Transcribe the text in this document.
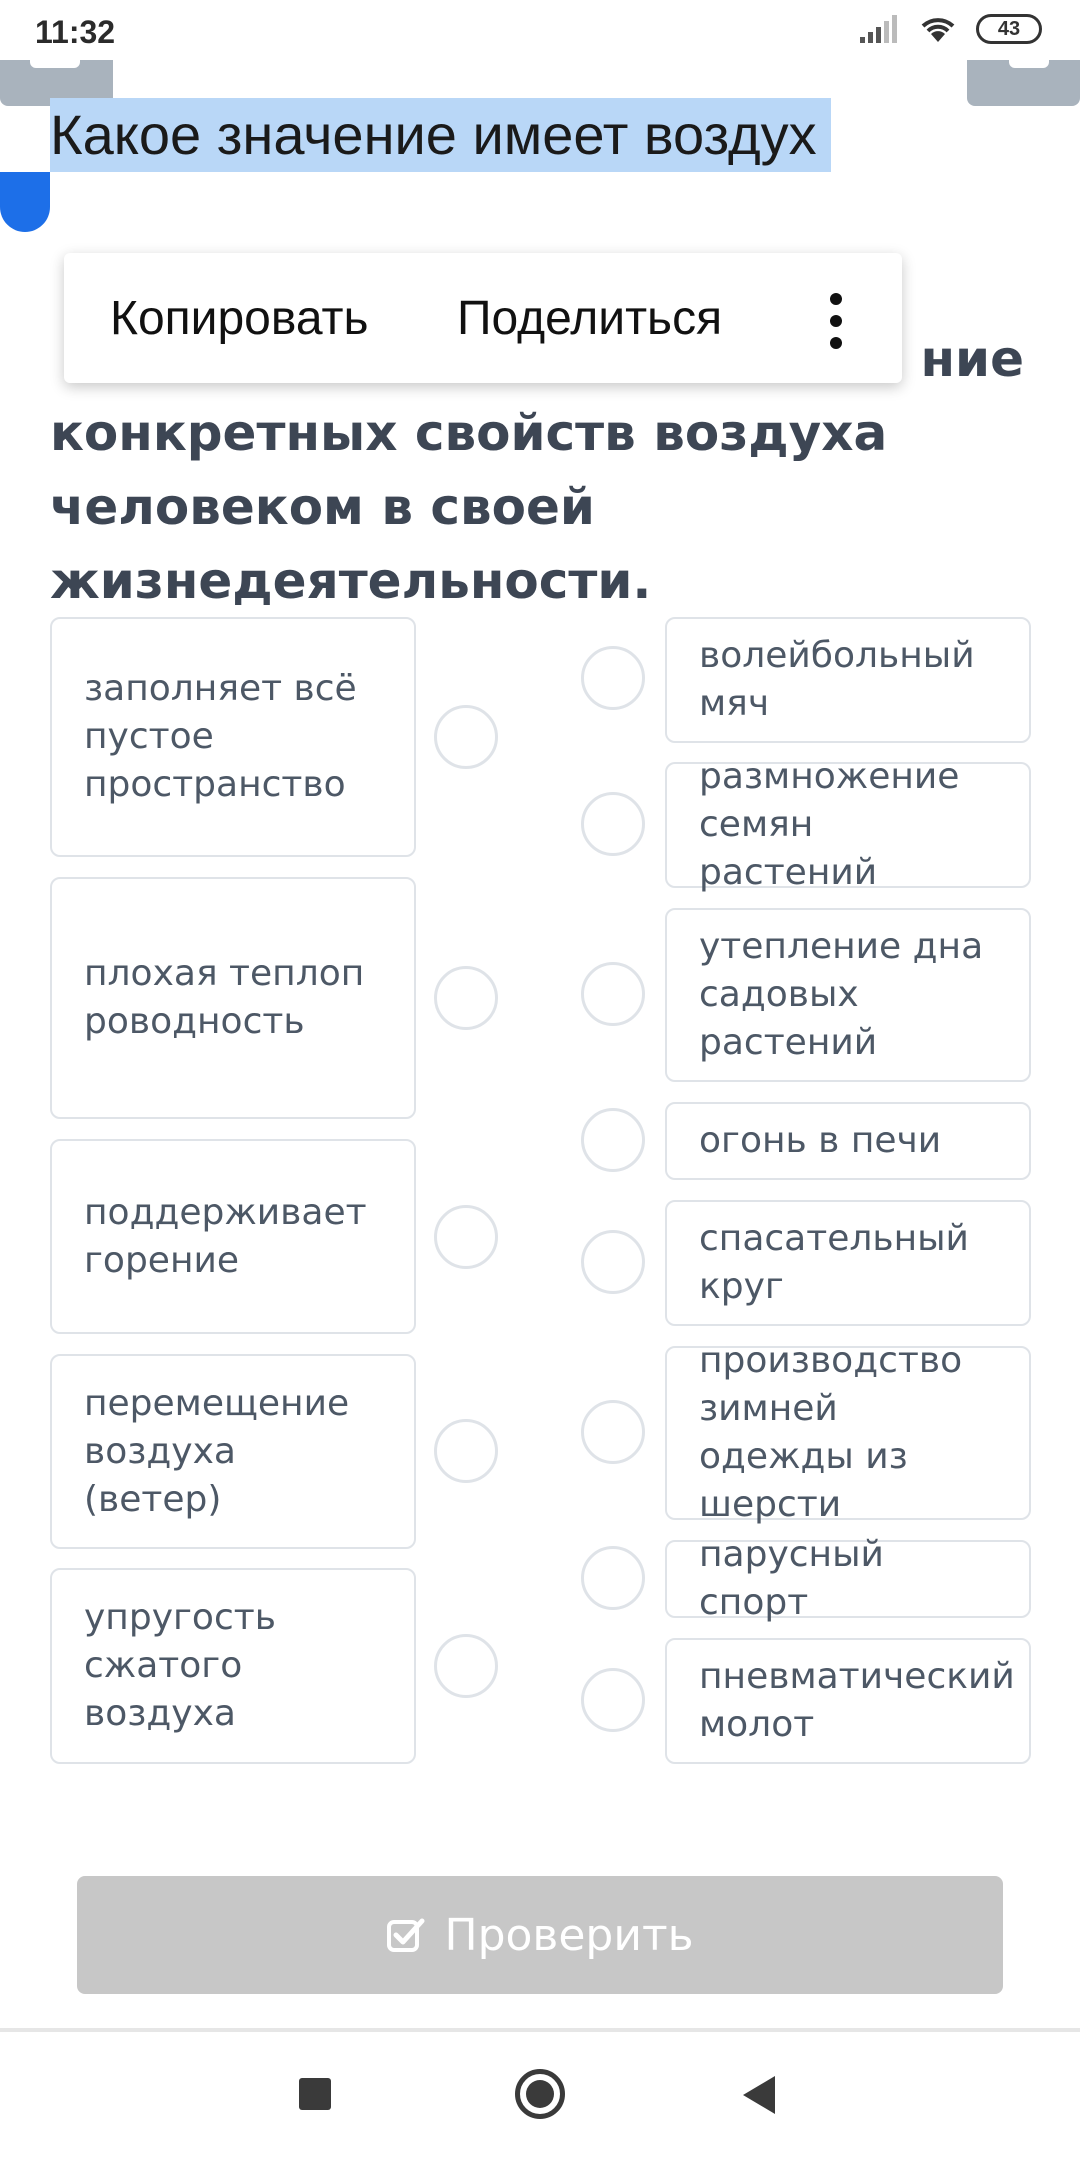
11:32	43
Какое значение имеет воздух
ние
конкретных свойств воздуха
человеком в своей
жизнедеятельности.
Копировать Поделиться
заполняет всё пустое пространство
плохая теплопроводность
поддерживает горение
перемещение воздуха (ветер)
упругость сжатого воздуха
волейбольный мяч
размножение семян растений
утепление дна садовых растений
огонь в печи
спасательный круг
производство зимней одежды из шерсти
парусный спорт
пневматический молот
Проверить
